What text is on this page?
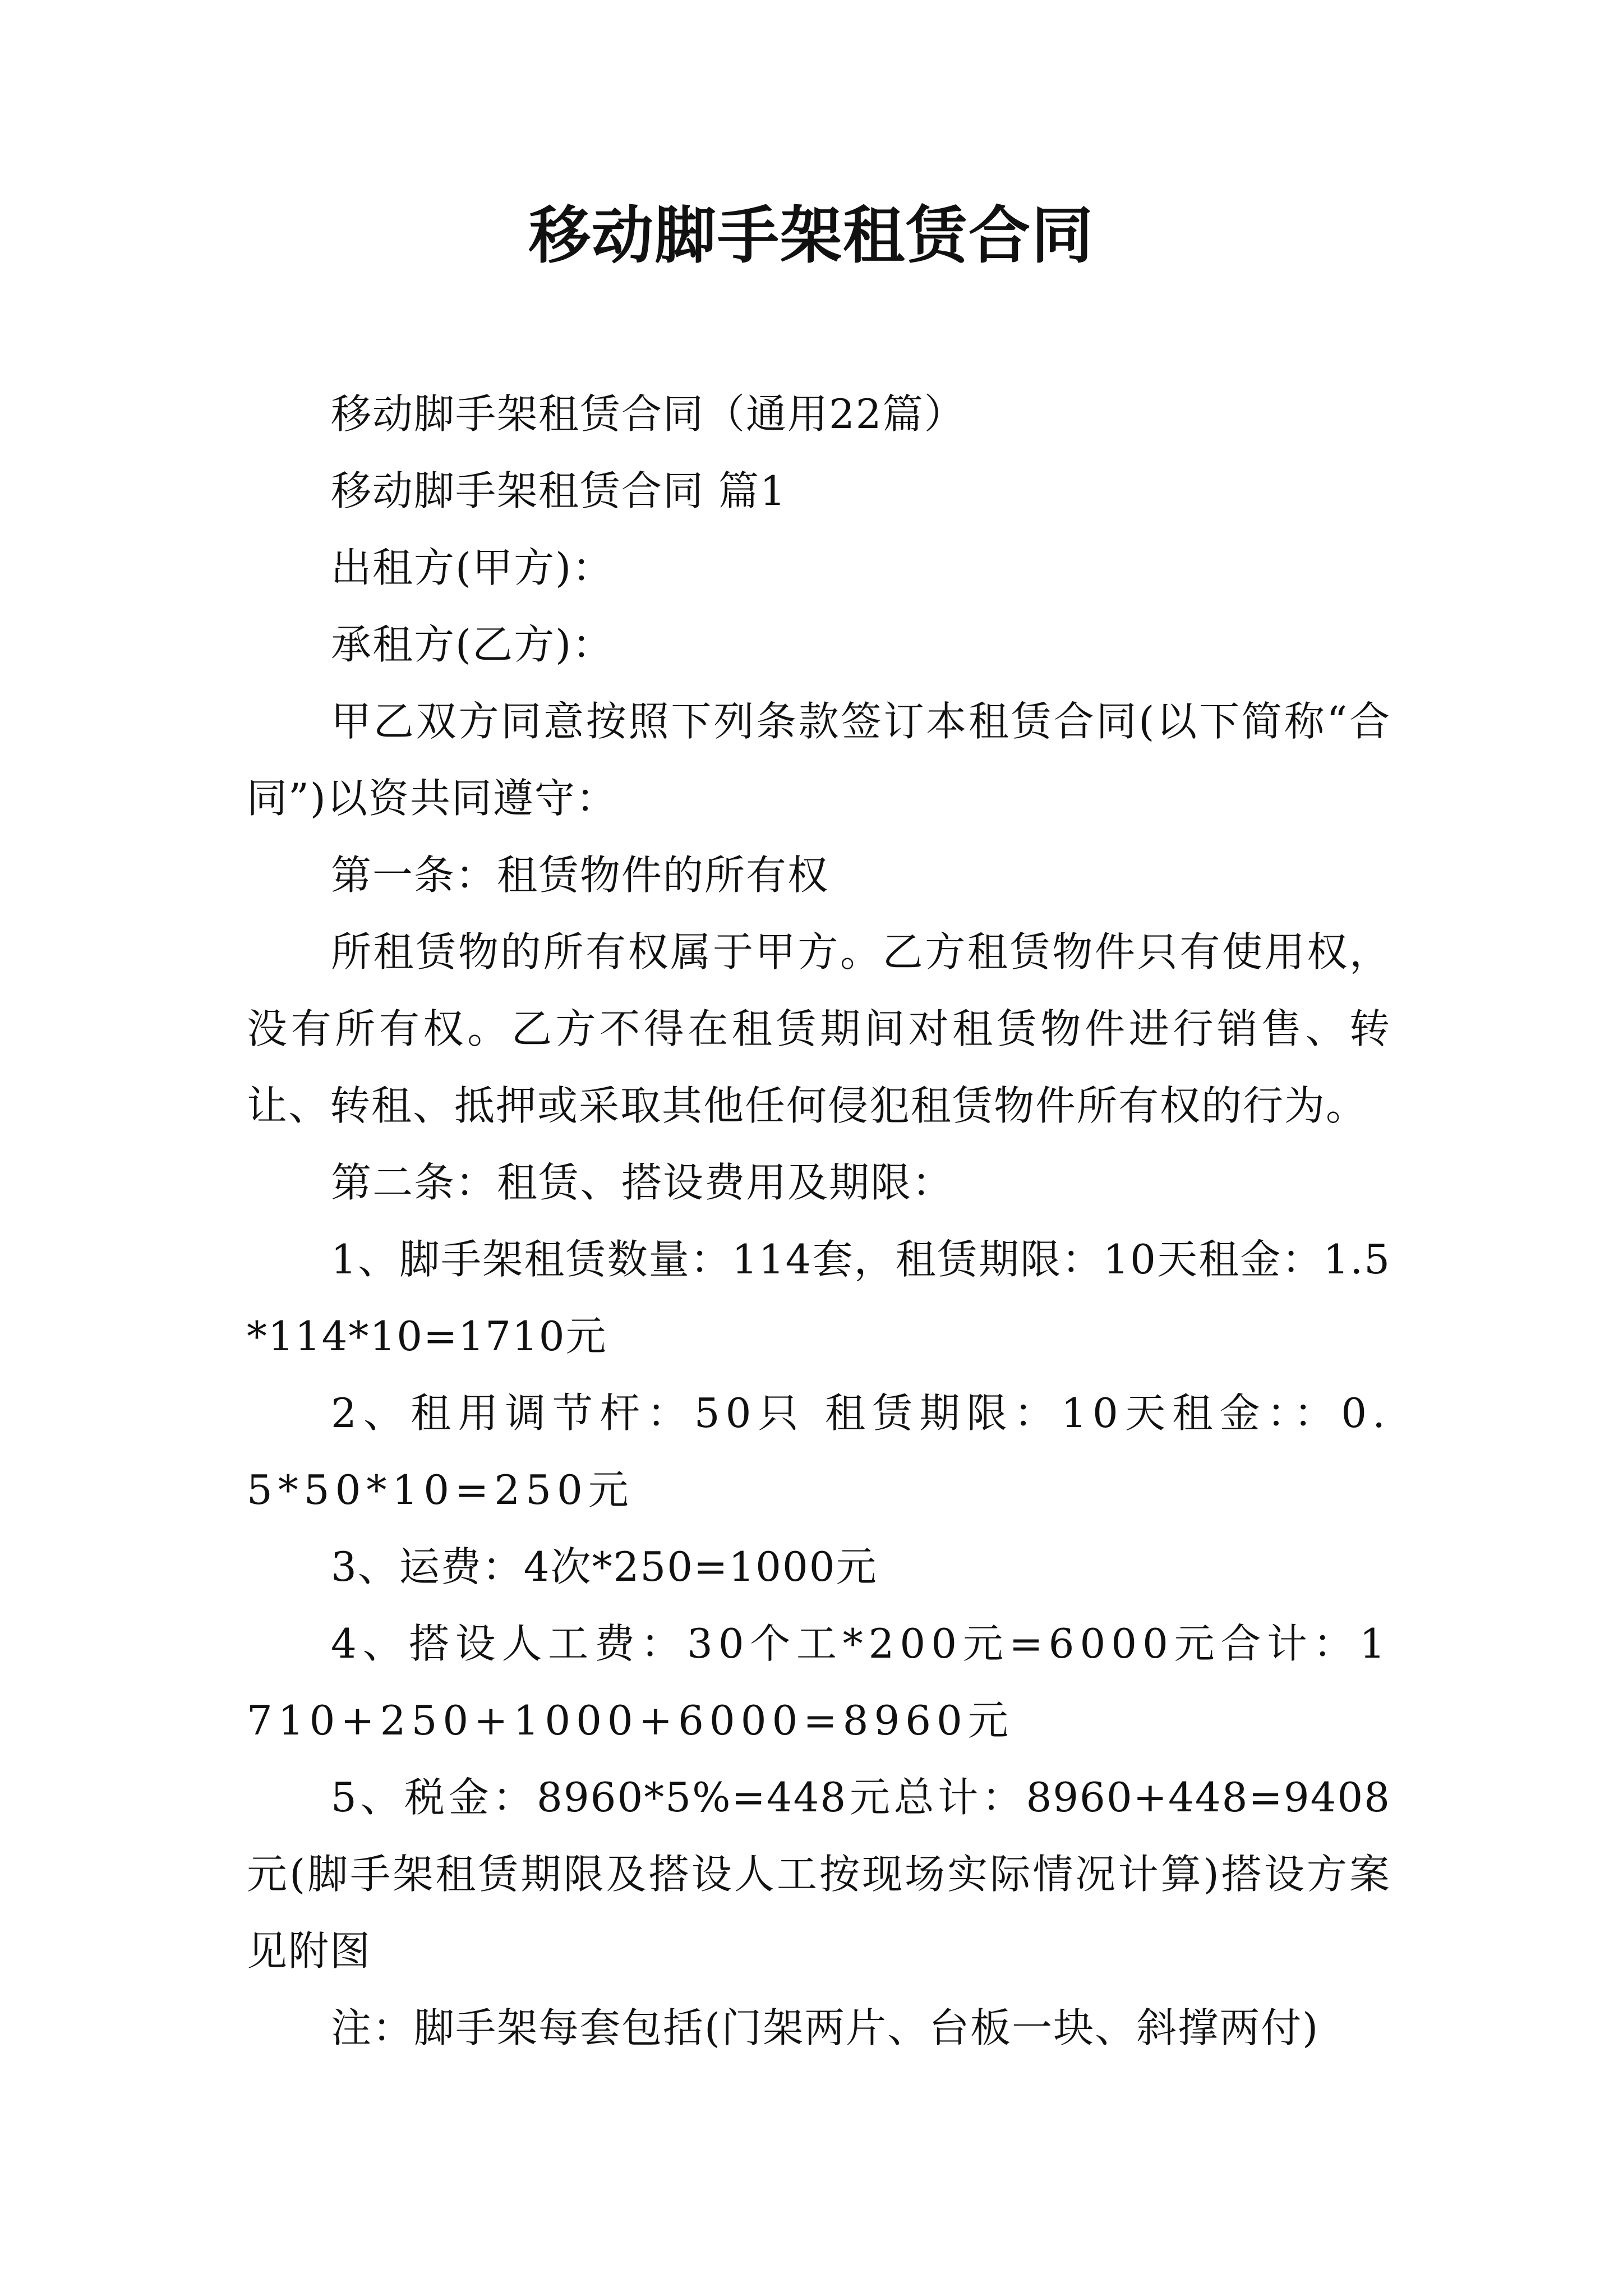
移动脚手架租赁合同

移动脚手架租赁合同（通用22篇）

移动脚手架租赁合同 篇1

出租方(甲方)：

承租方(乙方)：

甲乙双方同意按照下列条款签订本租赁合同(以下简称“合同”)以资共同遵守：

第一条：租赁物件的所有权

所租赁物的所有权属于甲方。乙方租赁物件只有使用权，没有所有权。乙方不得在租赁期间对租赁物件进行销售、转让、转租、抵押或采取其他任何侵犯租赁物件所有权的行为。

第二条：租赁、搭设费用及期限：

1、脚手架租赁数量：114套，租赁期限：10天租金：1.5*114*10=1710元

2、租用调节杆：50只 租赁期限：10天租金：：0.5*50*10=250元

3、运费：4次*250=1000元

4、搭设人工费：30个工*200元=6000元合计：1710+250+1000+6000=8960元

5、税金：8960*5%=448元总计：8960+448=9408元(脚手架租赁期限及搭设人工按现场实际情况计算)搭设方案见附图

注：脚手架每套包括(门架两片、台板一块、斜撑两付)
